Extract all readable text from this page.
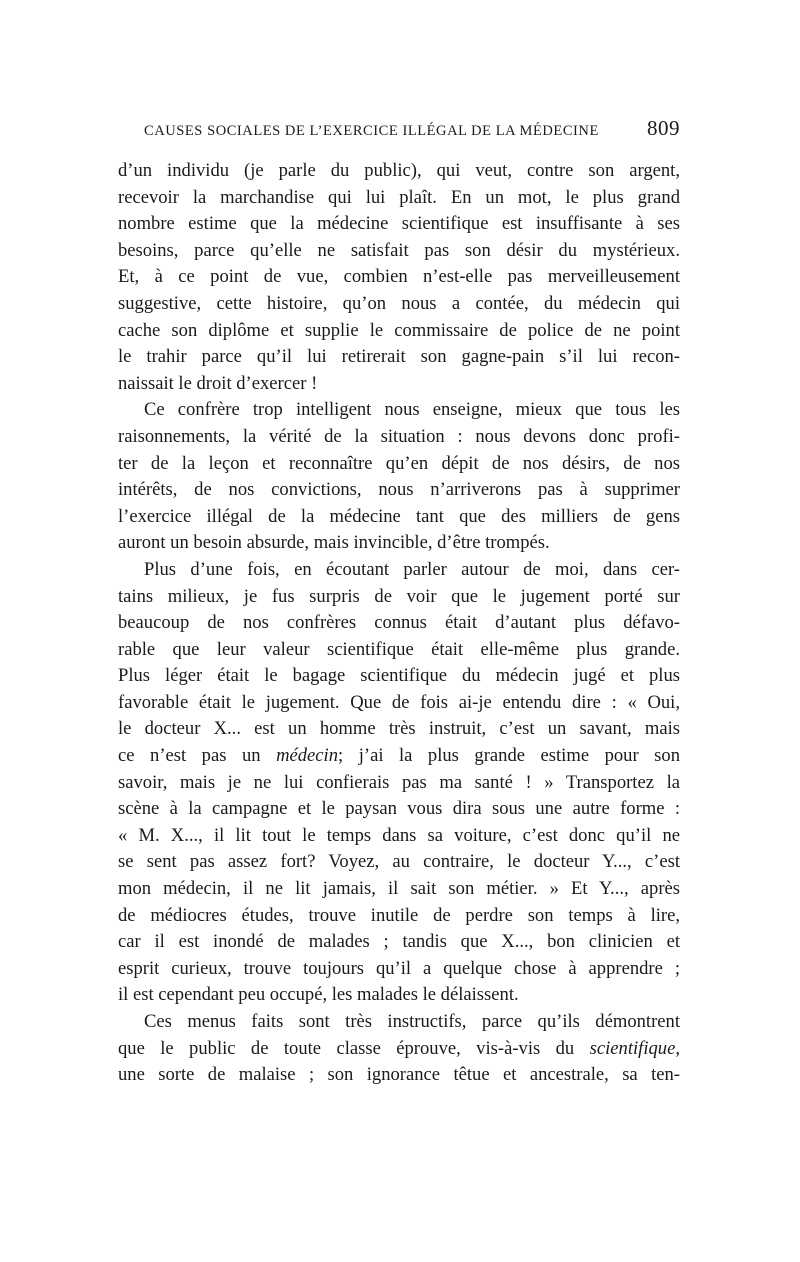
CAUSES SOCIALES DE L’EXERCICE ILLÉGAL DE LA MÉDECINE 809
d’un individu (je parle du public), qui veut, contre son argent,
recevoir la marchandise qui lui plaît. En un mot, le plus grand
nombre estime que la médecine scientifique est insuffisante à ses
besoins, parce qu’elle ne satisfait pas son désir du mystérieux.
Et, à ce point de vue, combien n’est-elle pas merveilleusement
suggestive, cette histoire, qu’on nous a contée, du médecin qui
cache son diplôme et supplie le commissaire de police de ne point
le trahir parce qu’il lui retirerait son gagne-pain s’il lui recon-
naissait le droit d’exercer !
Ce confrère trop intelligent nous enseigne, mieux que tous les
raisonnements, la vérité de la situation : nous devons donc profi-
ter de la leçon et reconnaître qu’en dépit de nos désirs, de nos
intérêts, de nos convictions, nous n’arriverons pas à supprimer
l’exercice illégal de la médecine tant que des milliers de gens
auront un besoin absurde, mais invincible, d’être trompés.
Plus d’une fois, en écoutant parler autour de moi, dans cer-
tains milieux, je fus surpris de voir que le jugement porté sur
beaucoup de nos confrères connus était d’autant plus défavo-
rable que leur valeur scientifique était elle-même plus grande.
Plus léger était le bagage scientifique du médecin jugé et plus
favorable était le jugement. Que de fois ai-je entendu dire : « Oui,
le docteur X... est un homme très instruit, c’est un savant, mais
ce n’est pas un médecin; j’ai la plus grande estime pour son
savoir, mais je ne lui confierais pas ma santé ! » Transportez la
scène à la campagne et le paysan vous dira sous une autre forme :
« M. X..., il lit tout le temps dans sa voiture, c’est donc qu’il ne
se sent pas assez fort? Voyez, au contraire, le docteur Y..., c’est
mon médecin, il ne lit jamais, il sait son métier. » Et Y..., après
de médiocres études, trouve inutile de perdre son temps à lire,
car il est inondé de malades ; tandis que X..., bon clinicien et
esprit curieux, trouve toujours qu’il a quelque chose à apprendre ;
il est cependant peu occupé, les malades le délaissent.
Ces menus faits sont très instructifs, parce qu’ils démontrent
que le public de toute classe éprouve, vis-à-vis du scientifique,
une sorte de malaise ; son ignorance têtue et ancestrale, sa ten-
